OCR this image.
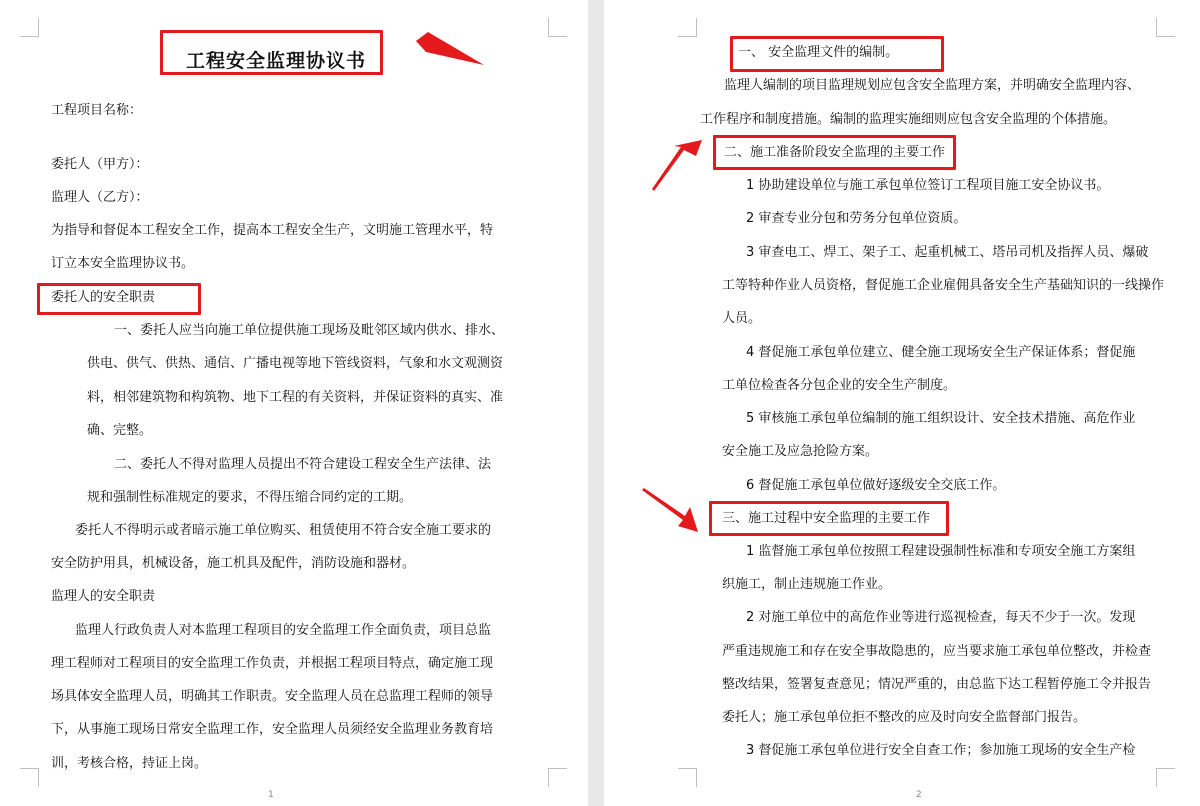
工程安全监理协议书
工程项目名称：
委托人（甲方）：
监理人（乙方）：
为指导和督促本工程安全工作，提高本工程安全生产，文明施工管理水平，特
订立本安全监理协议书。
委托人的安全职责
一、委托人应当向施工单位提供施工现场及毗邻区域内供水、排水、
供电、供气、供热、通信、广播电视等地下管线资料，气象和水文观测资
料，相邻建筑物和构筑物、地下工程的有关资料，并保证资料的真实、准
确、完整。
二、委托人不得对监理人员提出不符合建设工程安全生产法律、法
规和强制性标准规定的要求，不得压缩合同约定的工期。
委托人不得明示或者暗示施工单位购买、租赁使用不符合安全施工要求的
安全防护用具，机械设备，施工机具及配件，消防设施和器材。
监理人的安全职责
监理人行政负责人对本监理工程项目的安全监理工作全面负责，项目总监
理工程师对工程项目的安全监理工作负责，并根据工程项目特点，确定施工现
场具体安全监理人员，明确其工作职责。安全监理人员在总监理工程师的领导
下，从事施工现场日常安全监理工作，安全监理人员须经安全监理业务教育培
训，考核合格，持证上岗。
1
一、 安全监理文件的编制。
监理人编制的项目监理规划应包含安全监理方案，并明确安全监理内容、
工作程序和制度措施。编制的监理实施细则应包含安全监理的个体措施。
二、施工准备阶段安全监理的主要工作
1 协助建设单位与施工承包单位签订工程项目施工安全协议书。
2 审查专业分包和劳务分包单位资质。
3 审查电工、焊工、架子工、起重机械工、塔吊司机及指挥人员、爆破
工等特种作业人员资格，督促施工企业雇佣具备安全生产基础知识的一线操作
人员。
4 督促施工承包单位建立、健全施工现场安全生产保证体系；督促施
工单位检查各分包企业的安全生产制度。
5 审核施工承包单位编制的施工组织设计、安全技术措施、高危作业
安全施工及应急抢险方案。
6 督促施工承包单位做好逐级安全交底工作。
三、施工过程中安全监理的主要工作
1 监督施工承包单位按照工程建设强制性标准和专项安全施工方案组
织施工，制止违规施工作业。
2 对施工单位中的高危作业等进行巡视检查，每天不少于一次。发现
严重违规施工和存在安全事故隐患的，应当要求施工承包单位整改，并检查
整改结果，签署复查意见；情况严重的，由总监下达工程暂停施工令并报告
委托人；施工承包单位拒不整改的应及时向安全监督部门报告。
3 督促施工承包单位进行安全自查工作；参加施工现场的安全生产检
2
